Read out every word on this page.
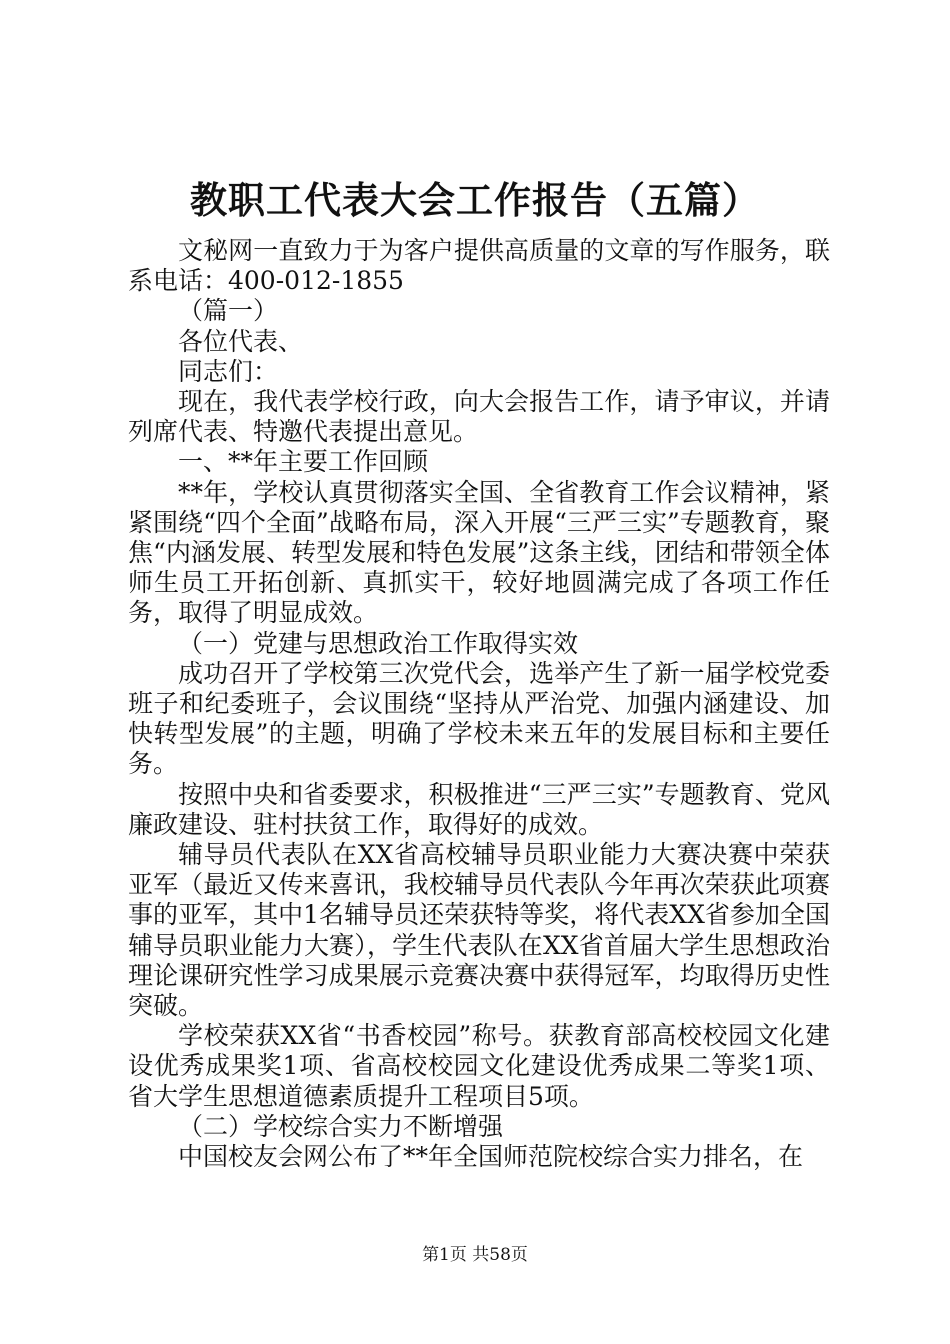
教职工代表大会工作报告（五篇）

文秘网一直致力于为客户提供高质量的文章的写作服务，联系电话：400-012-1855

（篇一）

各位代表、

同志们：

现在，我代表学校行政，向大会报告工作，请予审议，并请列席代表、特邀代表提出意见。

一、**年主要工作回顾

**年，学校认真贯彻落实全国、全省教育工作会议精神，紧紧围绕“四个全面”战略布局，深入开展“三严三实”专题教育，聚焦“内涵发展、转型发展和特色发展”这条主线，团结和带领全体师生员工开拓创新、真抓实干，较好地圆满完成了各项工作任务，取得了明显成效。

（一）党建与思想政治工作取得实效

成功召开了学校第三次党代会，选举产生了新一届学校党委班子和纪委班子，会议围绕“坚持从严治党、加强内涵建设、加快转型发展”的主题，明确了学校未来五年的发展目标和主要任务。

按照中央和省委要求，积极推进“三严三实”专题教育、党风廉政建设、驻村扶贫工作，取得好的成效。

辅导员代表队在XX省高校辅导员职业能力大赛决赛中荣获亚军（最近又传来喜讯，我校辅导员代表队今年再次荣获此项赛事的亚军，其中1名辅导员还荣获特等奖，将代表XX省参加全国辅导员职业能力大赛），学生代表队在XX省首届大学生思想政治理论课研究性学习成果展示竞赛决赛中获得冠军，均取得历史性突破。

学校荣获XX省“书香校园”称号。获教育部高校校园文化建设优秀成果奖1项、省高校校园文化建设优秀成果二等奖1项、省大学生思想道德素质提升工程项目5项。

（二）学校综合实力不断增强

中国校友会网公布了**年全国师范院校综合实力排名，在

第1页 共58页
